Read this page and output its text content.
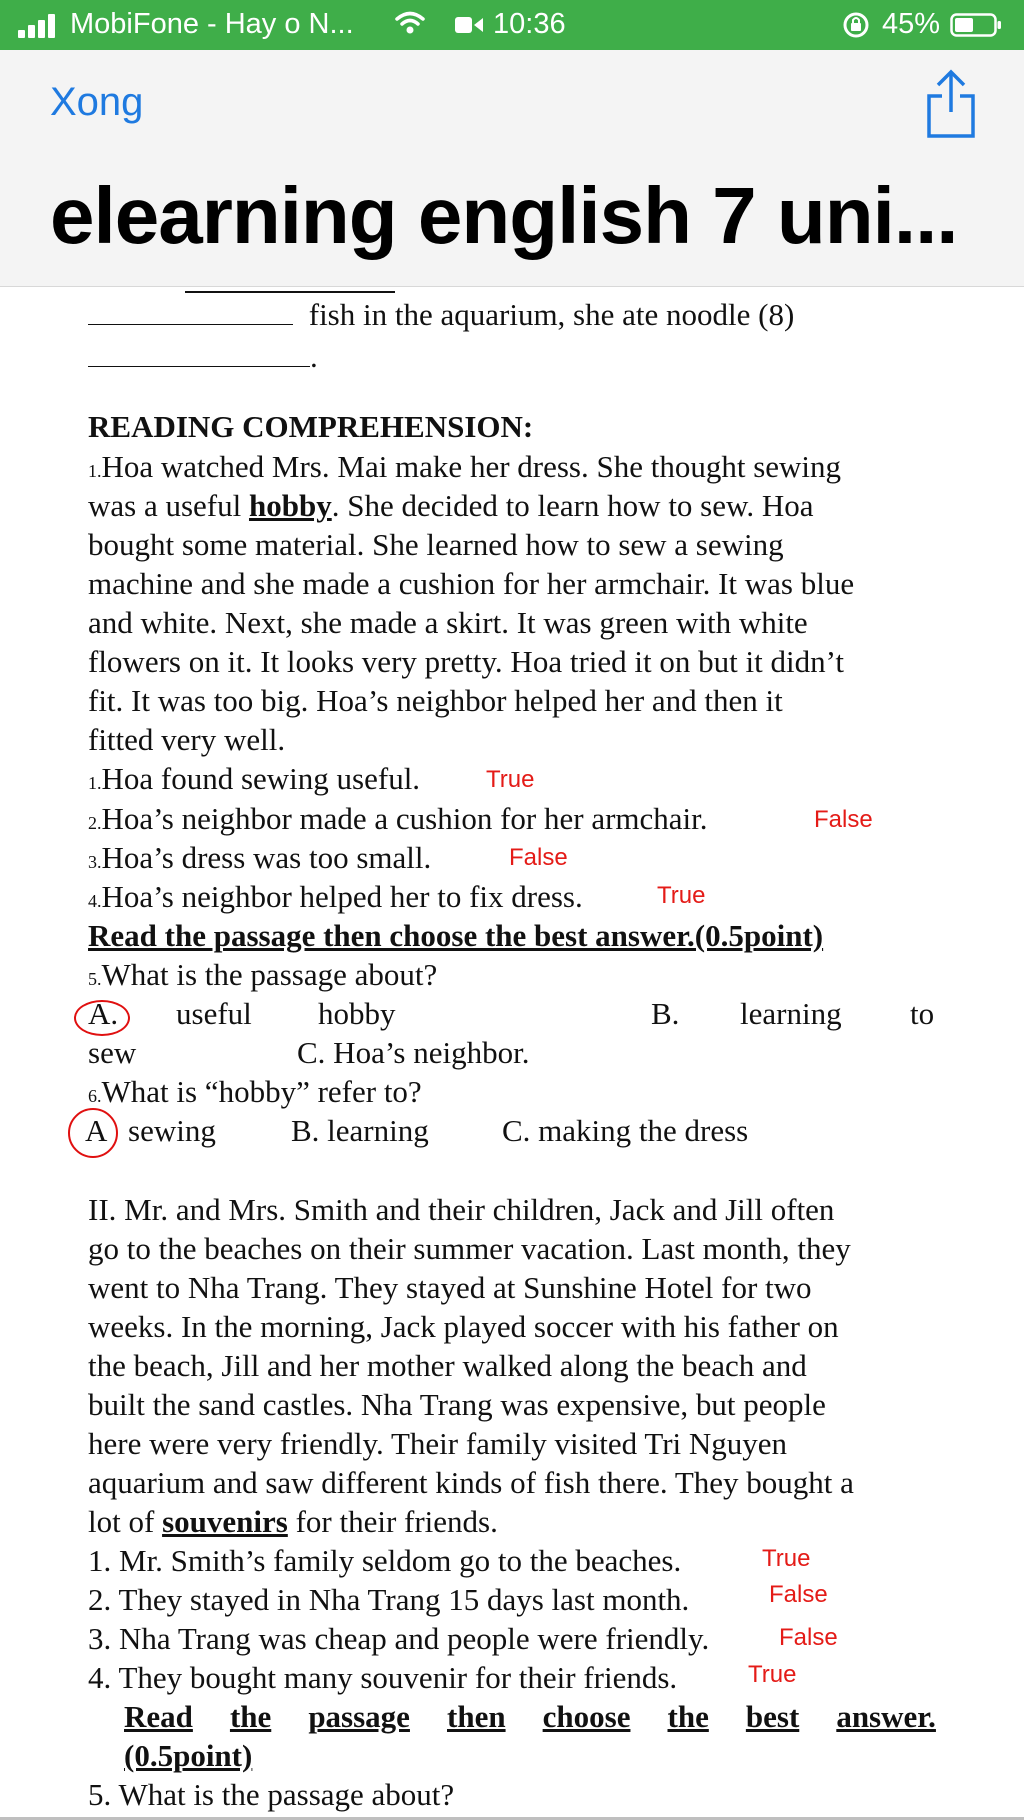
MobiFone - Hay o N...	10:36	45%
Xong
elearning english 7 uni...
fish in the aquarium, she ate noodle (8)
.
READING COMPREHENSION:
1.Hoa watched Mrs. Mai make her dress. She thought sewing
was a useful hobby. She decided to learn how to sew. Hoa
bought some material. She learned how to sew a sewing
machine and she made a cushion for her armchair. It was blue
and white. Next, she made a skirt. It was green with white
flowers on it. It looks very pretty. Hoa tried it on but it didn’t
fit. It was too big. Hoa’s neighbor helped her and then it
fitted very well.
1.Hoa found sewing useful.	True
2.Hoa’s neighbor made a cushion for her armchair.	False
3.Hoa’s dress was too small.	False
4.Hoa’s neighbor helped her to fix dress.	True
Read the passage then choose the best answer.(0.5point)
5.What is the passage about?
A. useful hobby	B. learning to
sew	C. Hoa’s neighbor.
6.What is “hobby” refer to?
A sewing B. learning C. making the dress
II. Mr. and Mrs. Smith and their children, Jack and Jill often
go to the beaches on their summer vacation. Last month, they
went to Nha Trang. They stayed at Sunshine Hotel for two
weeks. In the morning, Jack played soccer with his father on
the beach, Jill and her mother walked along the beach and
built the sand castles. Nha Trang was expensive, but people
here were very friendly. Their family visited Tri Nguyen
aquarium and saw different kinds of fish there. They bought a
lot of souvenirs for their friends.
1. Mr. Smith’s family seldom go to the beaches.	True
2. They stayed in Nha Trang 15 days last month.	False
3. Nha Trang was cheap and people were friendly.	False
4. They bought many souvenir for their friends.	True
Read the passage then choose the best answer.
(0.5point)
5. What is the passage about?
